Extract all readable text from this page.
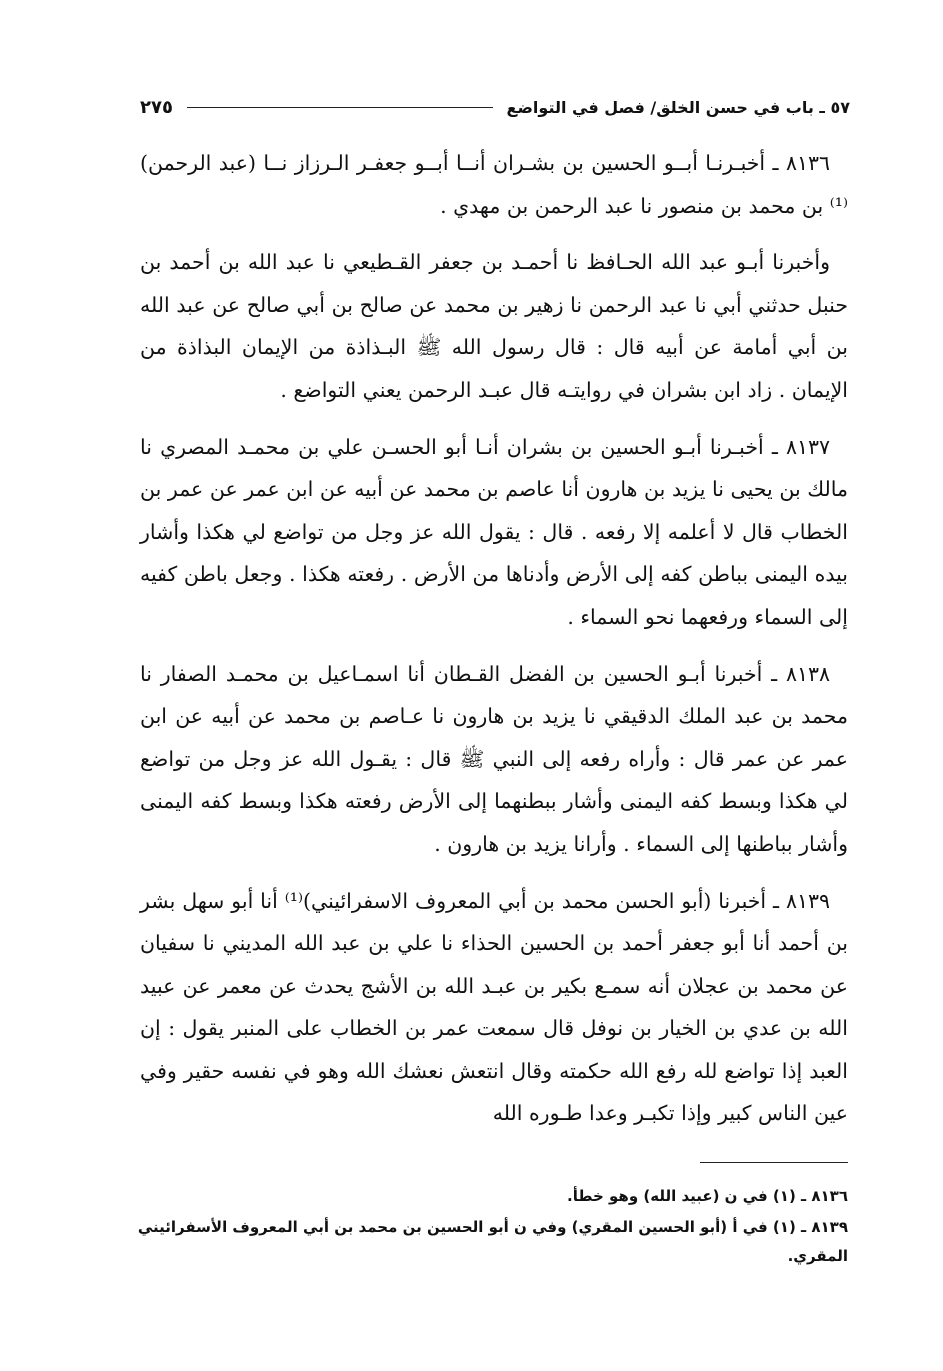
٥٧ ـ باب في حسن الخلق/ فصل في التواضع
٢٧٥

٨١٣٦ ـ أخبـرنـا أبــو الحسين بن بشـران أنــا أبــو جعفـر الـرزاز نــا (عبد الرحمن)⁽¹⁾ بن محمد بن منصور نا عبد الرحمن بن مهدي .

وأخبرنا أبـو عبد الله الحـافظ نا أحمـد بن جعفر القـطيعي نا عبد الله بن أحمد بن حنبل حدثني أبي نا عبد الرحمن نا زهير بن محمد عن صالح بن أبي صالح عن عبد الله بن أبي أمامة عن أبيه قال : قال رسول الله ﷺ البـذاذة من الإيمان البذاذة من الإيمان . زاد ابن بشران في روايتـه قال عبـد الرحمن يعني التواضع .

٨١٣٧ ـ أخبـرنا أبـو الحسين بن بشران أنـا أبو الحسـن علي بن محمـد المصري نا مالك بن يحيى نا يزيد بن هارون أنا عاصم بن محمد عن أبيه عن ابن عمر عن عمر بن الخطاب قال لا أعلمه إلا رفعه . قال : يقول الله عز وجل من تواضع لي هكذا وأشار بيده اليمنى بباطن كفه إلى الأرض وأدناها من الأرض . رفعته هكذا . وجعل باطن كفيه إلى السماء ورفعهما نحو السماء .

٨١٣٨ ـ أخبرنا أبـو الحسين بن الفضل القـطان أنا اسمـاعيل بن محمـد الصفار نا محمد بن عبد الملك الدقيقي نا يزيد بن هارون نا عـاصم بن محمد عن أبيه عن ابن عمر عن عمر قال : وأراه رفعه إلى النبي ﷺ قال : يقـول الله عز وجل من تواضع لي هكذا وبسط كفه اليمنى وأشار ببطنهما إلى الأرض رفعته هكذا وبسط كفه اليمنى وأشار بباطنها إلى السماء . وأرانا يزيد بن هارون .

٨١٣٩ ـ أخبرنا (أبو الحسن محمد بن أبي المعروف الاسفرائيني)⁽¹⁾ أنا أبو سهل بشر بن أحمد أنا أبو جعفر أحمد بن الحسين الحذاء نا علي بن عبد الله المديني نا سفيان عن محمد بن عجلان أنه سمـع بكير بن عبـد الله بن الأشج يحدث عن معمر عن عبيد الله بن عدي بن الخيار بن نوفل قال سمعت عمر بن الخطاب على المنبر يقول : إن العبد إذا تواضع لله رفع الله حكمته وقال انتعش نعشك الله وهو في نفسه حقير وفي عين الناس كبير وإذا تكبـر وعدا طـوره الله

٨١٣٦ ـ (١) في ن (عبيد الله) وهو خطأ.

٨١٣٩ ـ (١) في أ (أبو الحسين المقري) وفي ن أبو الحسين بن محمد بن أبي المعروف الأسفرائيني المقري.
